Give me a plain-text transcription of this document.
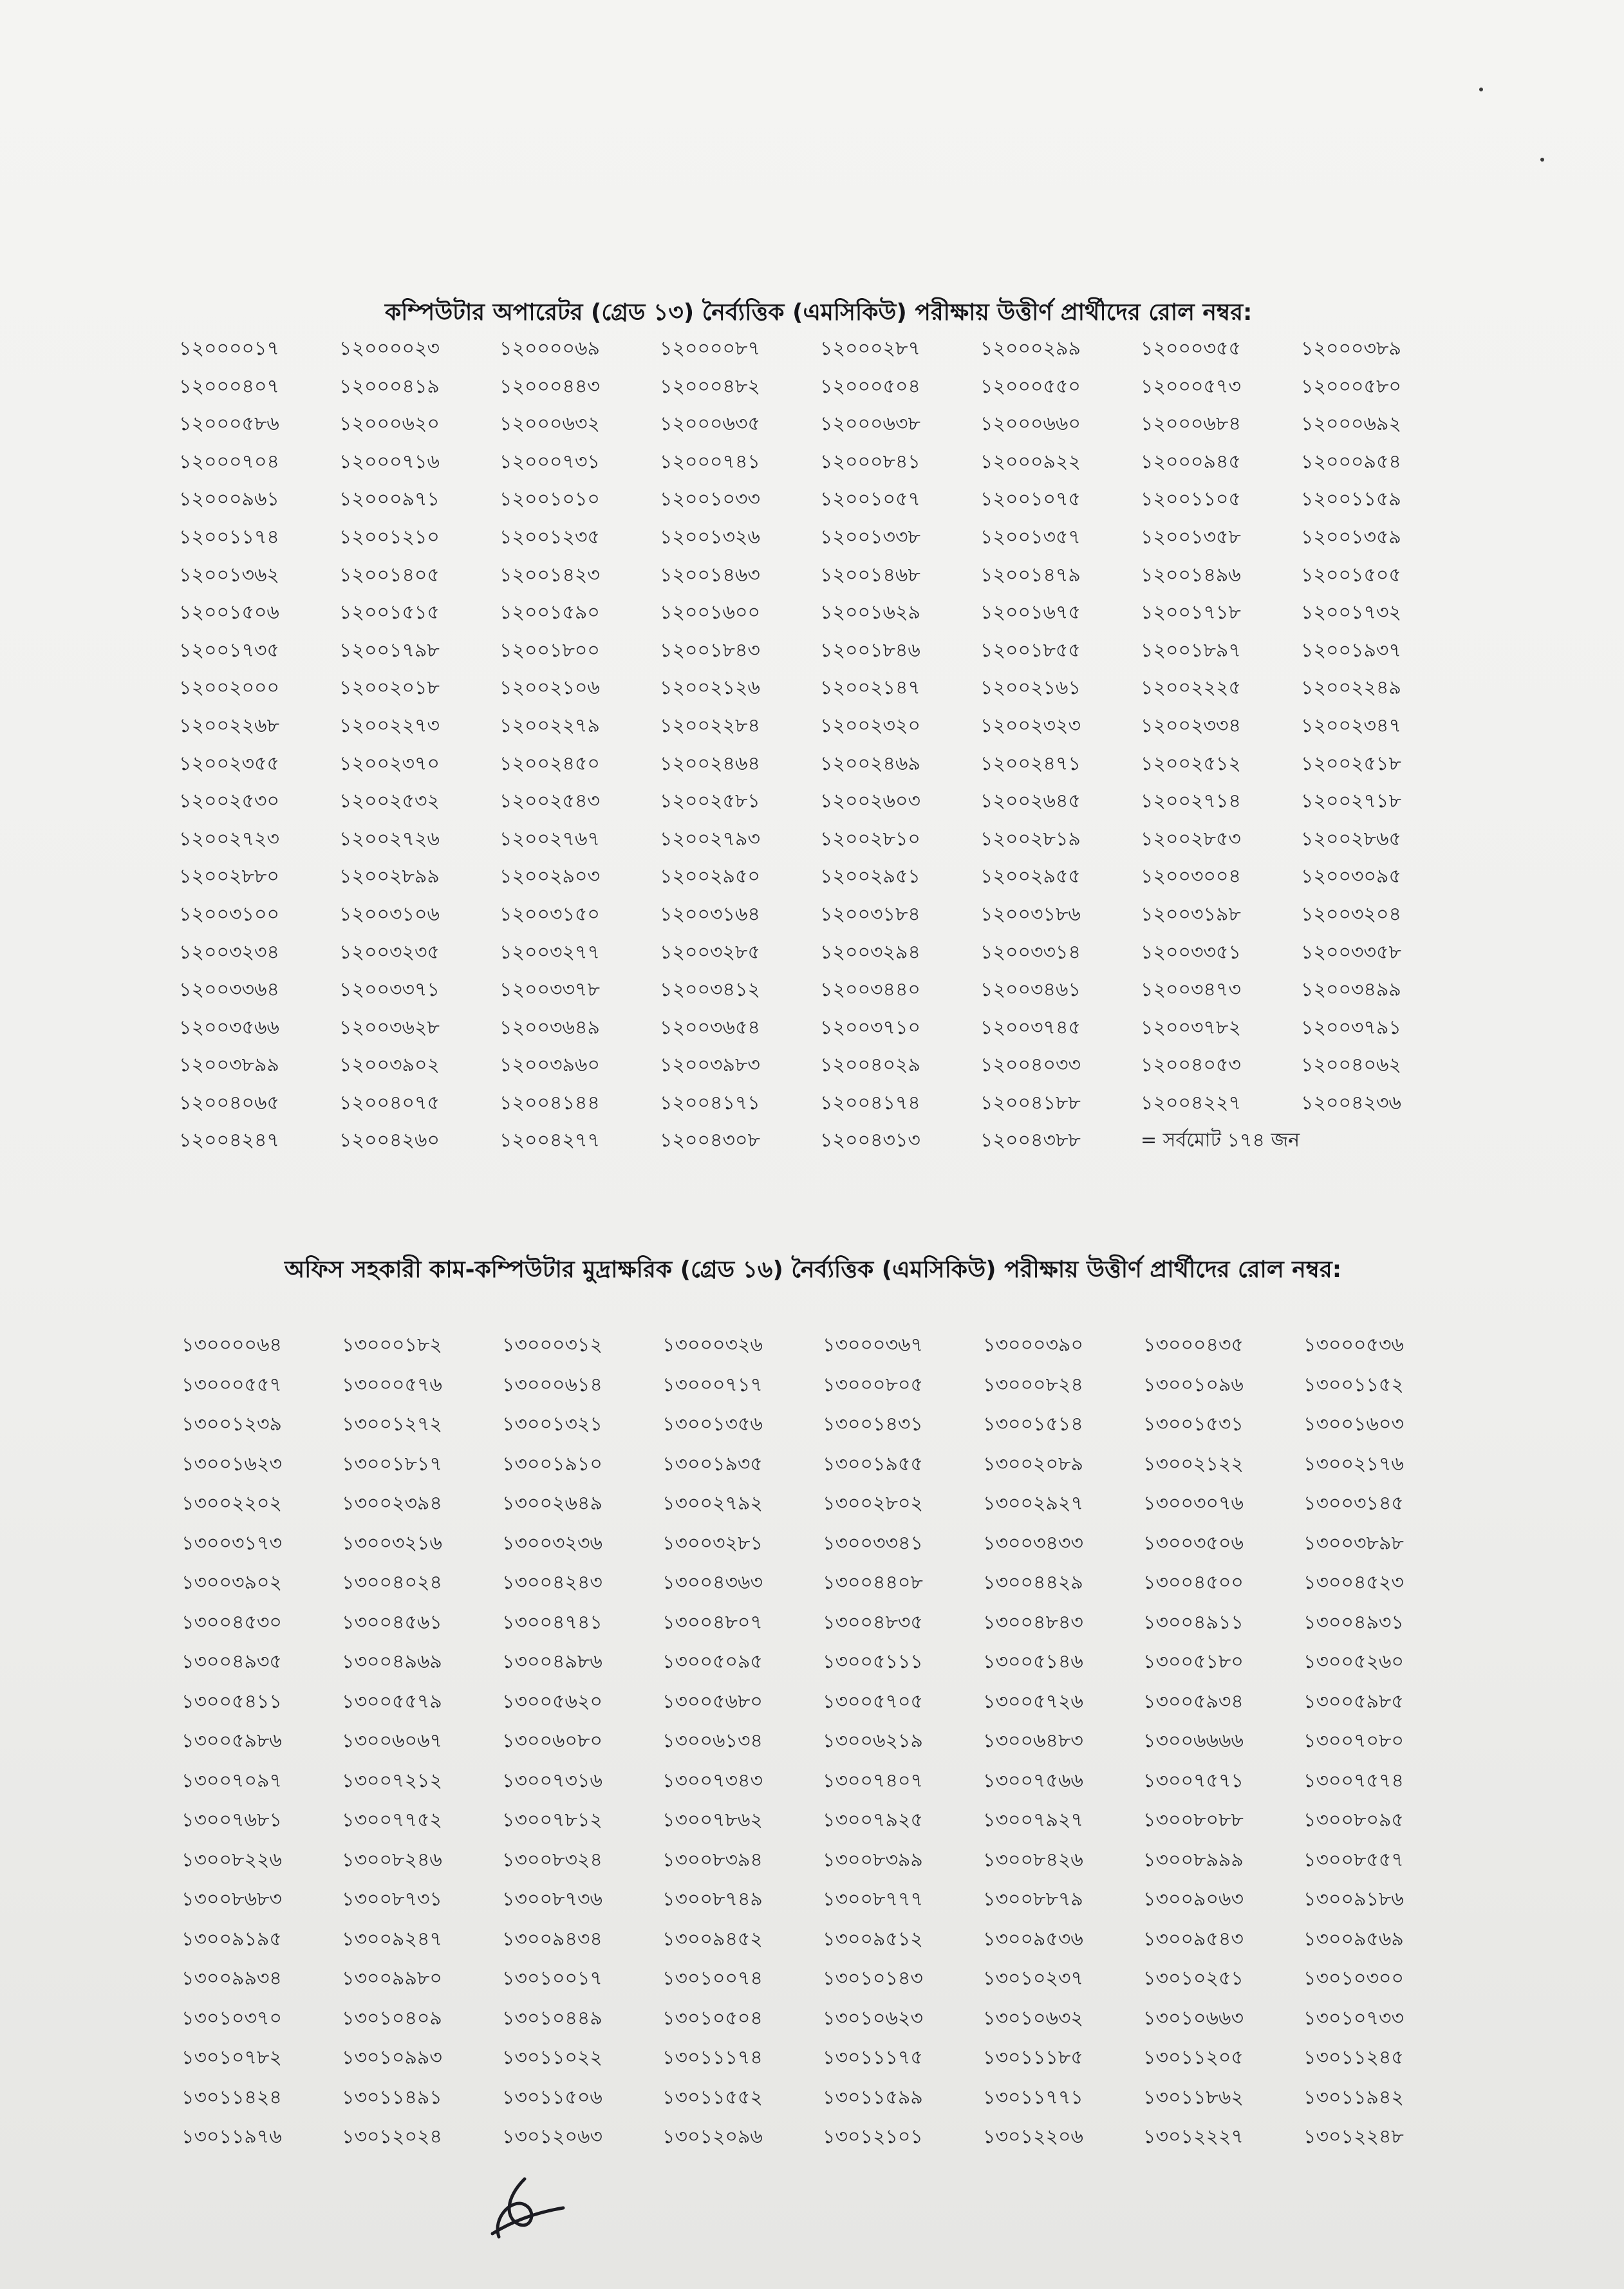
কম্পিউটার অপারেটর (গ্রেড ১৩) নৈর্ব্যত্তিক (এমসিকিউ) পরীক্ষায় উত্তীর্ণ প্রার্থীদের রোল নম্বর:
১২০০০০১৭	১২০০০০২৩	১২০০০০৬৯	১২০০০০৮৭	১২০০০২৮৭	১২০০০২৯৯	১২০০০৩৫৫	১২০০০৩৮৯
১২০০০৪০৭	১২০০০৪১৯	১২০০০৪৪৩	১২০০০৪৮২	১২০০০৫০৪	১২০০০৫৫০	১২০০০৫৭৩	১২০০০৫৮০
১২০০০৫৮৬	১২০০০৬২০	১২০০০৬৩২	১২০০০৬৩৫	১২০০০৬৩৮	১২০০০৬৬০	১২০০০৬৮৪	১২০০০৬৯২
১২০০০৭০৪	১২০০০৭১৬	১২০০০৭৩১	১২০০০৭৪১	১২০০০৮৪১	১২০০০৯২২	১২০০০৯৪৫	১২০০০৯৫৪
১২০০০৯৬১	১২০০০৯৭১	১২০০১০১০	১২০০১০৩৩	১২০০১০৫৭	১২০০১০৭৫	১২০০১১০৫	১২০০১১৫৯
১২০০১১৭৪	১২০০১২১০	১২০০১২৩৫	১২০০১৩২৬	১২০০১৩৩৮	১২০০১৩৫৭	১২০০১৩৫৮	১২০০১৩৫৯
১২০০১৩৬২	১২০০১৪০৫	১২০০১৪২৩	১২০০১৪৬৩	১২০০১৪৬৮	১২০০১৪৭৯	১২০০১৪৯৬	১২০০১৫০৫
১২০০১৫০৬	১২০০১৫১৫	১২০০১৫৯০	১২০০১৬০০	১২০০১৬২৯	১২০০১৬৭৫	১২০০১৭১৮	১২০০১৭৩২
১২০০১৭৩৫	১২০০১৭৯৮	১২০০১৮০০	১২০০১৮৪৩	১২০০১৮৪৬	১২০০১৮৫৫	১২০০১৮৯৭	১২০০১৯৩৭
১২০০২০০০	১২০০২০১৮	১২০০২১০৬	১২০০২১২৬	১২০০২১৪৭	১২০০২১৬১	১২০০২২২৫	১২০০২২৪৯
১২০০২২৬৮	১২০০২২৭৩	১২০০২২৭৯	১২০০২২৮৪	১২০০২৩২০	১২০০২৩২৩	১২০০২৩৩৪	১২০০২৩৪৭
১২০০২৩৫৫	১২০০২৩৭০	১২০০২৪৫০	১২০০২৪৬৪	১২০০২৪৬৯	১২০০২৪৭১	১২০০২৫১২	১২০০২৫১৮
১২০০২৫৩০	১২০০২৫৩২	১২০০২৫৪৩	১২০০২৫৮১	১২০০২৬০৩	১২০০২৬৪৫	১২০০২৭১৪	১২০০২৭১৮
১২০০২৭২৩	১২০০২৭২৬	১২০০২৭৬৭	১২০০২৭৯৩	১২০০২৮১০	১২০০২৮১৯	১২০০২৮৫৩	১২০০২৮৬৫
১২০০২৮৮০	১২০০২৮৯৯	১২০০২৯০৩	১২০০২৯৫০	১২০০২৯৫১	১২০০২৯৫৫	১২০০৩০০৪	১২০০৩০৯৫
১২০০৩১০০	১২০০৩১০৬	১২০০৩১৫০	১২০০৩১৬৪	১২০০৩১৮৪	১২০০৩১৮৬	১২০০৩১৯৮	১২০০৩২০৪
১২০০৩২৩৪	১২০০৩২৩৫	১২০০৩২৭৭	১২০০৩২৮৫	১২০০৩২৯৪	১২০০৩৩১৪	১২০০৩৩৫১	১২০০৩৩৫৮
১২০০৩৩৬৪	১২০০৩৩৭১	১২০০৩৩৭৮	১২০০৩৪১২	১২০০৩৪৪০	১২০০৩৪৬১	১২০০৩৪৭৩	১২০০৩৪৯৯
১২০০৩৫৬৬	১২০০৩৬২৮	১২০০৩৬৪৯	১২০০৩৬৫৪	১২০০৩৭১০	১২০০৩৭৪৫	১২০০৩৭৮২	১২০০৩৭৯১
১২০০৩৮৯৯	১২০০৩৯০২	১২০০৩৯৬০	১২০০৩৯৮৩	১২০০৪০২৯	১২০০৪০৩৩	১২০০৪০৫৩	১২০০৪০৬২
১২০০৪০৬৫	১২০০৪০৭৫	১২০০৪১৪৪	১২০০৪১৭১	১২০০৪১৭৪	১২০০৪১৮৮	১২০০৪২২৭	১২০০৪২৩৬
১২০০৪২৪৭	১২০০৪২৬০	১২০০৪২৭৭	১২০০৪৩০৮	১২০০৪৩১৩	১২০০৪৩৮৮	= সর্বমোট ১৭৪ জন
অফিস সহকারী কাম-কম্পিউটার মুদ্রাক্ষরিক (গ্রেড ১৬) নৈর্ব্যত্তিক (এমসিকিউ) পরীক্ষায় উত্তীর্ণ প্রার্থীদের রোল নম্বর:
১৩০০০০৬৪	১৩০০০১৮২	১৩০০০৩১২	১৩০০০৩২৬	১৩০০০৩৬৭	১৩০০০৩৯০	১৩০০০৪৩৫	১৩০০০৫৩৬
১৩০০০৫৫৭	১৩০০০৫৭৬	১৩০০০৬১৪	১৩০০০৭১৭	১৩০০০৮০৫	১৩০০০৮২৪	১৩০০১০৯৬	১৩০০১১৫২
১৩০০১২৩৯	১৩০০১২৭২	১৩০০১৩২১	১৩০০১৩৫৬	১৩০০১৪৩১	১৩০০১৫১৪	১৩০০১৫৩১	১৩০০১৬০৩
১৩০০১৬২৩	১৩০০১৮১৭	১৩০০১৯১০	১৩০০১৯৩৫	১৩০০১৯৫৫	১৩০০২০৮৯	১৩০০২১২২	১৩০০২১৭৬
১৩০০২২০২	১৩০০২৩৯৪	১৩০০২৬৪৯	১৩০০২৭৯২	১৩০০২৮০২	১৩০০২৯২৭	১৩০০৩০৭৬	১৩০০৩১৪৫
১৩০০৩১৭৩	১৩০০৩২১৬	১৩০০৩২৩৬	১৩০০৩২৮১	১৩০০৩৩৪১	১৩০০৩৪৩৩	১৩০০৩৫০৬	১৩০০৩৮৯৮
১৩০০৩৯০২	১৩০০৪০২৪	১৩০০৪২৪৩	১৩০০৪৩৬৩	১৩০০৪৪০৮	১৩০০৪৪২৯	১৩০০৪৫০০	১৩০০৪৫২৩
১৩০০৪৫৩০	১৩০০৪৫৬১	১৩০০৪৭৪১	১৩০০৪৮০৭	১৩০০৪৮৩৫	১৩০০৪৮৪৩	১৩০০৪৯১১	১৩০০৪৯৩১
১৩০০৪৯৩৫	১৩০০৪৯৬৯	১৩০০৪৯৮৬	১৩০০৫০৯৫	১৩০০৫১১১	১৩০০৫১৪৬	১৩০০৫১৮০	১৩০০৫২৬০
১৩০০৫৪১১	১৩০০৫৫৭৯	১৩০০৫৬২০	১৩০০৫৬৮০	১৩০০৫৭০৫	১৩০০৫৭২৬	১৩০০৫৯৩৪	১৩০০৫৯৮৫
১৩০০৫৯৮৬	১৩০০৬০৬৭	১৩০০৬০৮০	১৩০০৬১৩৪	১৩০০৬২১৯	১৩০০৬৪৮৩	১৩০০৬৬৬৬	১৩০০৭০৮০
১৩০০৭০৯৭	১৩০০৭২১২	১৩০০৭৩১৬	১৩০০৭৩৪৩	১৩০০৭৪০৭	১৩০০৭৫৬৬	১৩০০৭৫৭১	১৩০০৭৫৭৪
১৩০০৭৬৮১	১৩০০৭৭৫২	১৩০০৭৮১২	১৩০০৭৮৬২	১৩০০৭৯২৫	১৩০০৭৯২৭	১৩০০৮০৮৮	১৩০০৮০৯৫
১৩০০৮২২৬	১৩০০৮২৪৬	১৩০০৮৩২৪	১৩০০৮৩৯৪	১৩০০৮৩৯৯	১৩০০৮৪২৬	১৩০০৮৯৯৯	১৩০০৮৫৫৭
১৩০০৮৬৮৩	১৩০০৮৭৩১	১৩০০৮৭৩৬	১৩০০৮৭৪৯	১৩০০৮৭৭৭	১৩০০৮৮৭৯	১৩০০৯০৬৩	১৩০০৯১৮৬
১৩০০৯১৯৫	১৩০০৯২৪৭	১৩০০৯৪৩৪	১৩০০৯৪৫২	১৩০০৯৫১২	১৩০০৯৫৩৬	১৩০০৯৫৪৩	১৩০০৯৫৬৯
১৩০০৯৯৩৪	১৩০০৯৯৮০	১৩০১০০১৭	১৩০১০০৭৪	১৩০১০১৪৩	১৩০১০২৩৭	১৩০১০২৫১	১৩০১০৩০০
১৩০১০৩৭০	১৩০১০৪০৯	১৩০১০৪৪৯	১৩০১০৫০৪	১৩০১০৬২৩	১৩০১০৬৩২	১৩০১০৬৬৩	১৩০১০৭৩৩
১৩০১০৭৮২	১৩০১০৯৯৩	১৩০১১০২২	১৩০১১১৭৪	১৩০১১১৭৫	১৩০১১১৮৫	১৩০১১২০৫	১৩০১১২৪৫
১৩০১১৪২৪	১৩০১১৪৯১	১৩০১১৫০৬	১৩০১১৫৫২	১৩০১১৫৯৯	১৩০১১৭৭১	১৩০১১৮৬২	১৩০১১৯৪২
১৩০১১৯৭৬	১৩০১২০২৪	১৩০১২০৬৩	১৩০১২০৯৬	১৩০১২১০১	১৩০১২২০৬	১৩০১২২২৭	১৩০১২২৪৮
